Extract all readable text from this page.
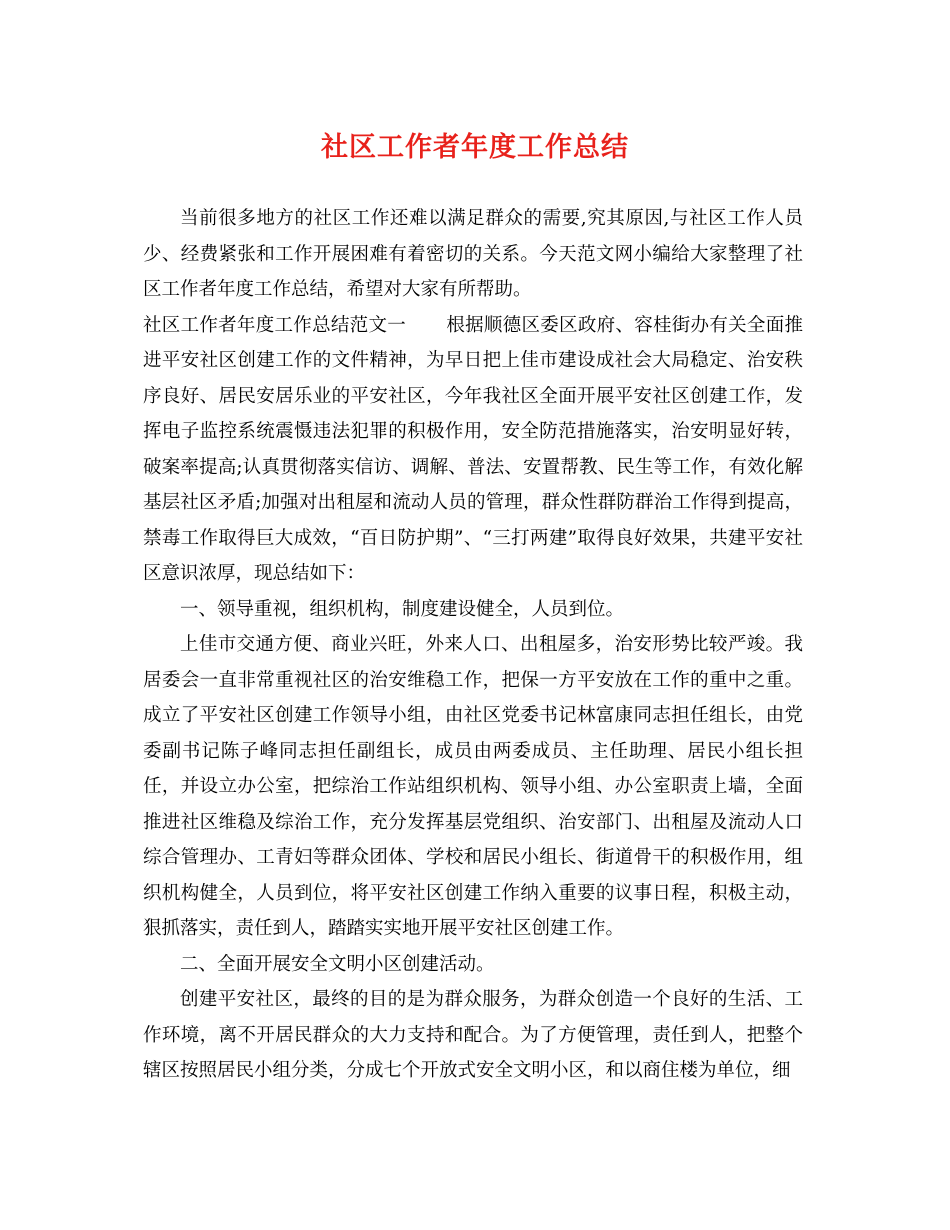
社区工作者年度工作总结

当前很多地方的社区工作还难以满足群众的需要,究其原因,与社区工作人员少、经费紧张和工作开展困难有着密切的关系。今天范文网小编给大家整理了社区工作者年度工作总结，希望对大家有所帮助。

社区工作者年度工作总结范文一 根据顺德区委区政府、容桂街办有关全面推进平安社区创建工作的文件精神，为早日把上佳市建设成社会大局稳定、治安秩序良好、居民安居乐业的平安社区，今年我社区全面开展平安社区创建工作，发挥电子监控系统震慑违法犯罪的积极作用，安全防范措施落实，治安明显好转，破案率提高;认真贯彻落实信访、调解、普法、安置帮教、民生等工作，有效化解基层社区矛盾;加强对出租屋和流动人员的管理，群众性群防群治工作得到提高，禁毒工作取得巨大成效，“百日防护期”、“三打两建”取得良好效果，共建平安社区意识浓厚，现总结如下：

一、领导重视，组织机构，制度建设健全，人员到位。

上佳市交通方便、商业兴旺，外来人口、出租屋多，治安形势比较严竣。我居委会一直非常重视社区的治安维稳工作，把保一方平安放在工作的重中之重。成立了平安社区创建工作领导小组，由社区党委书记林富康同志担任组长，由党委副书记陈子峰同志担任副组长，成员由两委成员、主任助理、居民小组长担任，并设立办公室，把综治工作站组织机构、领导小组、办公室职责上墙，全面推进社区维稳及综治工作，充分发挥基层党组织、治安部门、出租屋及流动人口综合管理办、工青妇等群众团体、学校和居民小组长、街道骨干的积极作用，组织机构健全，人员到位，将平安社区创建工作纳入重要的议事日程，积极主动，狠抓落实，责任到人，踏踏实实地开展平安社区创建工作。

二、全面开展安全文明小区创建活动。

创建平安社区，最终的目的是为群众服务，为群众创造一个良好的生活、工作环境，离不开居民群众的大力支持和配合。为了方便管理，责任到人，把整个辖区按照居民小组分类，分成七个开放式安全文明小区，和以商住楼为单位，细
